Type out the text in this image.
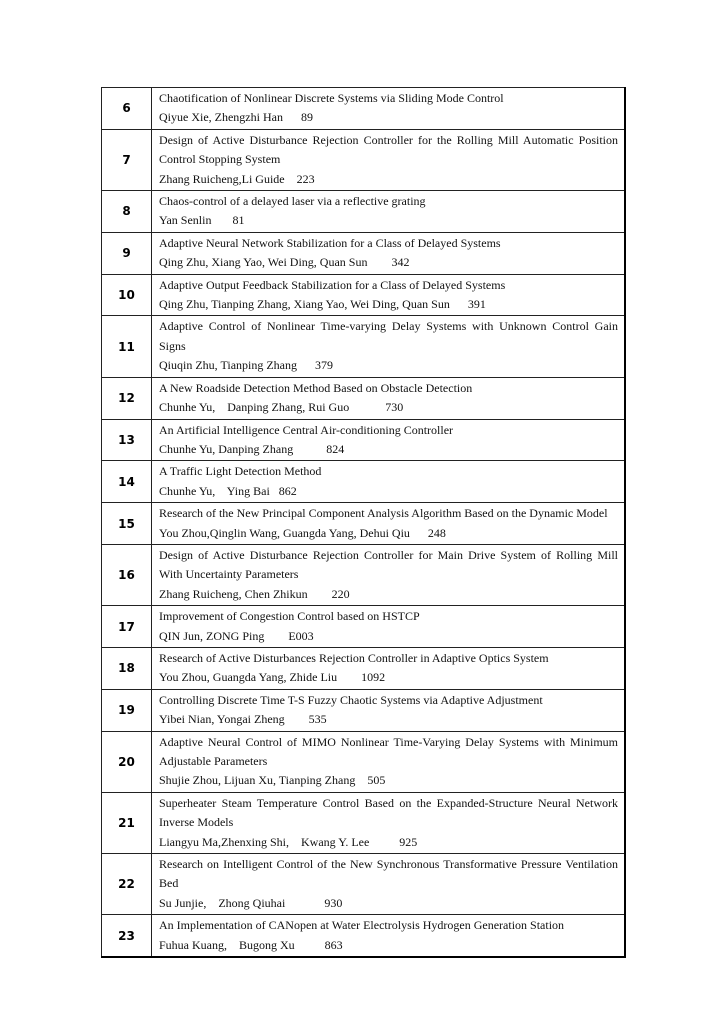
6	Chaotification of Nonlinear Discrete Systems via Sliding Mode Control
Qiyue Xie, Zhengzhi Han      89

7	Design of Active Disturbance Rejection Controller for the Rolling Mill Automatic Position Control Stopping System
Zhang Ruicheng,Li Guide    223

8	Chaos-control of a delayed laser via a reflective grating
Yan Senlin       81

9	Adaptive Neural Network Stabilization for a Class of Delayed Systems
Qing Zhu, Xiang Yao, Wei Ding, Quan Sun        342

10	Adaptive Output Feedback Stabilization for a Class of Delayed Systems
Qing Zhu, Tianping Zhang, Xiang Yao, Wei Ding, Quan Sun      391

11	Adaptive Control of Nonlinear Time-varying Delay Systems with Unknown Control Gain Signs
Qiuqin Zhu, Tianping Zhang      379

12	A New Roadside Detection Method Based on Obstacle Detection
Chunhe Yu,    Danping Zhang, Rui Guo            730

13	An Artificial Intelligence Central Air-conditioning Controller
Chunhe Yu, Danping Zhang           824

14	A Traffic Light Detection Method
Chunhe Yu,    Ying Bai   862

15	Research of the New Principal Component Analysis Algorithm Based on the Dynamic Model
You Zhou,Qinglin Wang, Guangda Yang, Dehui Qiu      248

16	Design of Active Disturbance Rejection Controller for Main Drive System of Rolling Mill With Uncertainty Parameters
Zhang Ruicheng, Chen Zhikun        220

17	Improvement of Congestion Control based on HSTCP
QIN Jun, ZONG Ping        E003

18	Research of Active Disturbances Rejection Controller in Adaptive Optics System
You Zhou, Guangda Yang, Zhide Liu        1092

19	Controlling Discrete Time T-S Fuzzy Chaotic Systems via Adaptive Adjustment
Yibei Nian, Yongai Zheng        535

20	Adaptive Neural Control of MIMO Nonlinear Time-Varying Delay Systems with Minimum Adjustable Parameters
Shujie Zhou, Lijuan Xu, Tianping Zhang    505

21	Superheater Steam Temperature Control Based on the Expanded-Structure Neural Network Inverse Models
Liangyu Ma,Zhenxing Shi,    Kwang Y. Lee          925

22	Research on Intelligent Control of the New Synchronous Transformative Pressure Ventilation Bed
Su Junjie,    Zhong Qiuhai             930

23	An Implementation of CANopen at Water Electrolysis Hydrogen Generation Station
Fuhua Kuang,    Bugong Xu          863
